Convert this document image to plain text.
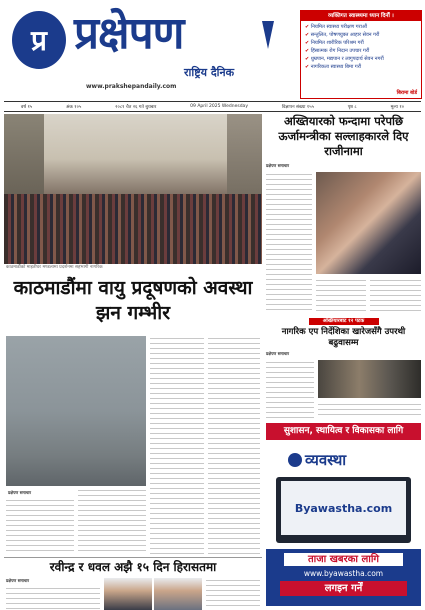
प्र प्रक्षेपण
राष्ट्रिय दैनिक
www.prakshepandaily.com
व्यक्तिगत स्वास्थ्यमा ध्यान दिनौं ।
✔ नियमित स्वास्थ्य परीक्षण गराऔं
✔ सन्तुलित, पोषणयुक्त आहार सेवन गरौं
✔ नियमित शारीरिक परिश्रम गरौं
✔ हिंसात्मक रोग निदान उपचार गरौं
✔ धुम्रपान, मद्यपान र लागुपदार्थ सेवन नगरौं
✔ नागरिकता स्वास्थ्य बिमा गरौं
बिरामा बोर्ड
वर्ष १५	अंक १०५	२०८१ चैत २६ गते बुधबार	09 April 2025 Wednesday	विज्ञापन संख्या १५५	पृष्ठ ८	मूल्य १०
काठमाडौंको माइतीघर मण्डलामा प्रदर्शनमा सहभागी नागरिक
अख्तियारको फन्दामा परेपछि ऊर्जामन्त्रीका सल्लाहकारले दिए राजीनामा
प्रक्षेपण समाचार
काठमाडौंमा वायु प्रदूषणको अवस्था झन गम्भीर
प्रक्षेपण समाचार
अख्तियारबाट १२ पटक
नागरिक एप निर्देशिका खारेजसँगै उपरथी बढुवासम्म
प्रक्षेपण समाचार
सुशासन, स्थायित्व र विकासका लागि
व्यवस्था
Byawastha.com
ताजा खबरका लागि
www.byawastha.com
लगइन गर्नें
रवीन्द्र र धवल अझै १५ दिन हिरासतमा
प्रक्षेपण समाचार
